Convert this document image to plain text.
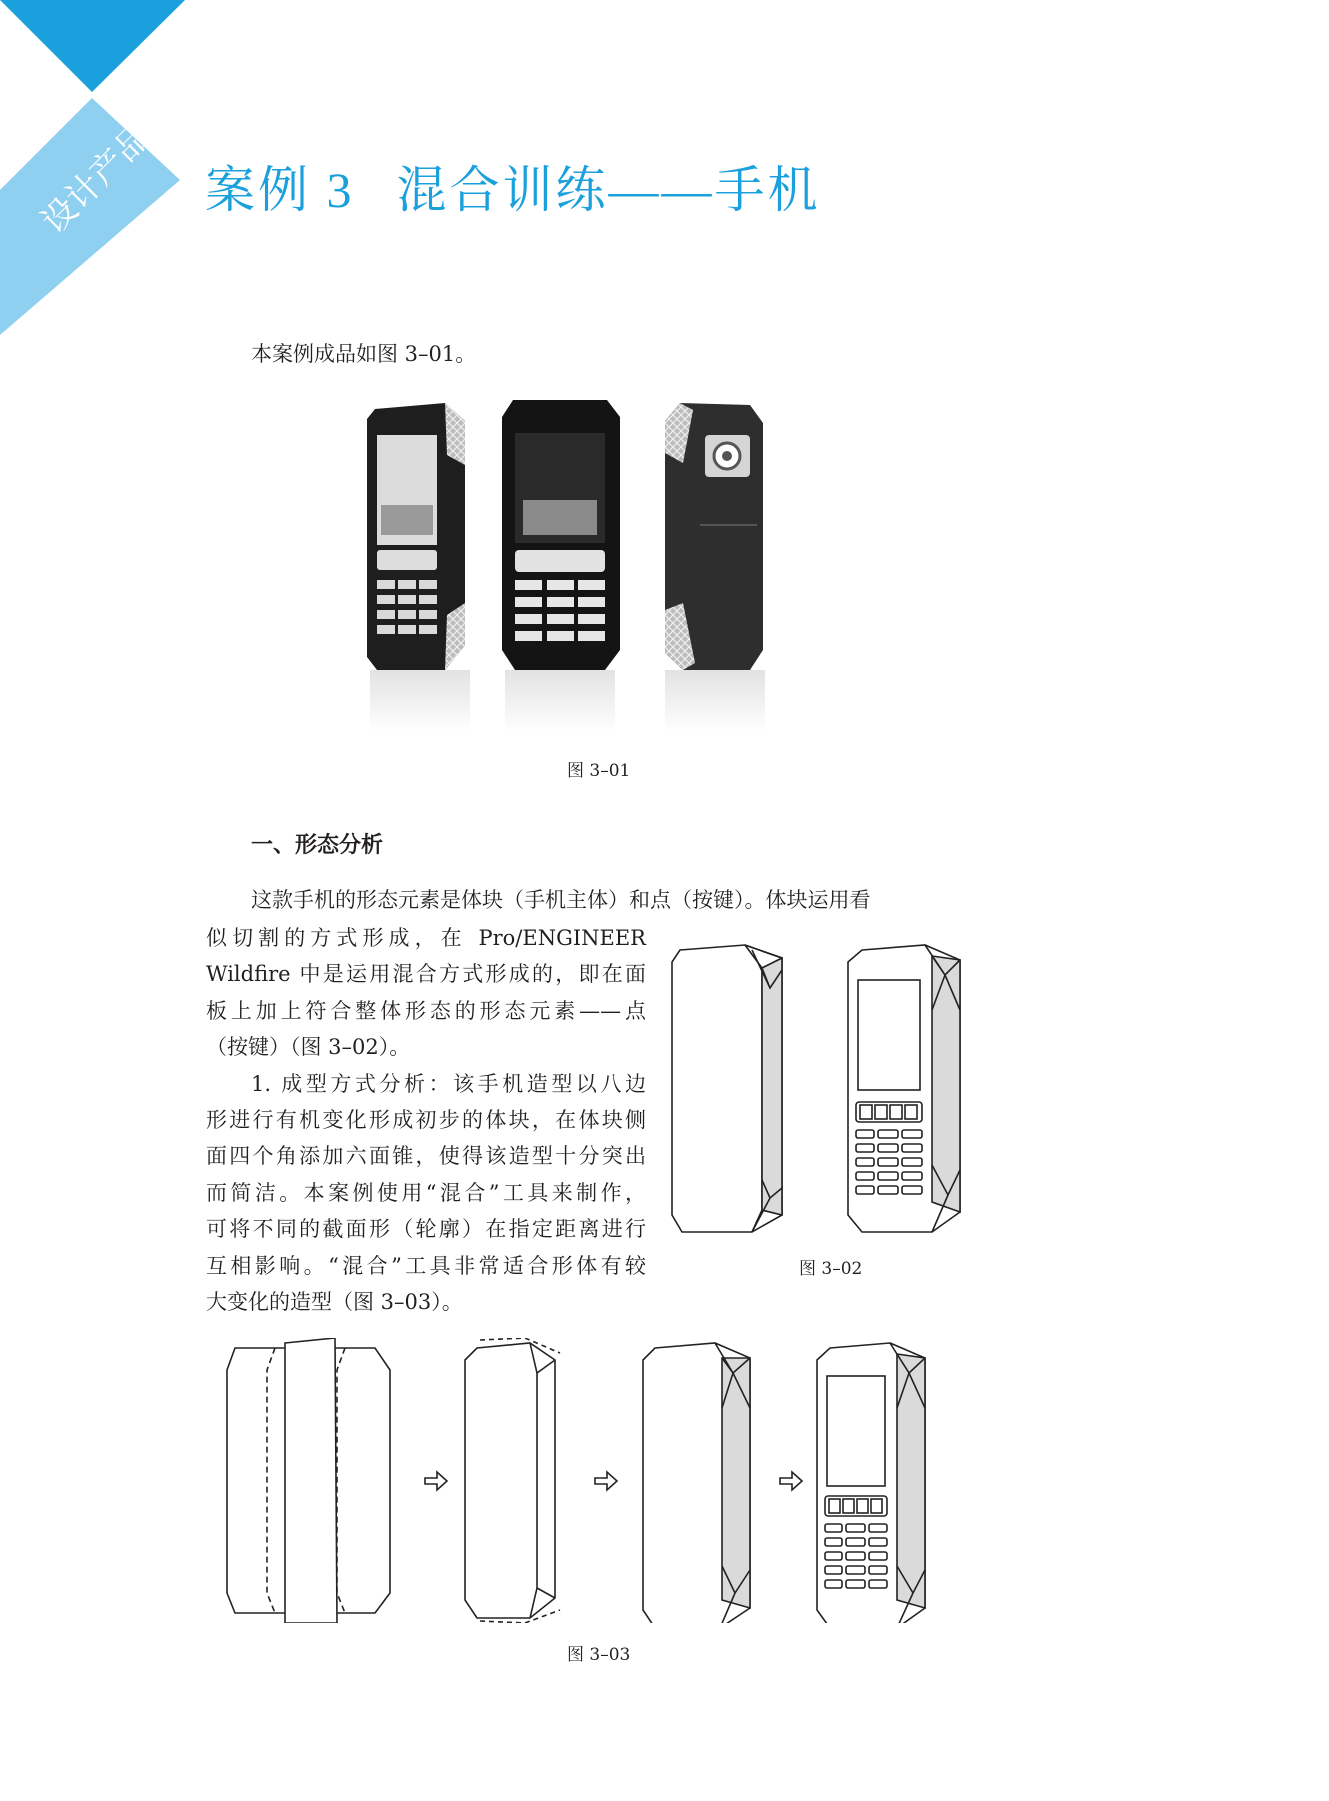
设计产品 案例 3 混合训练——手机

本案例成品如图 3–01。

图 3–01
一、形态分析

这款手机的形态元素是体块（手机主体）和点（按键）。体块运用看

似切割的方式形成，在 Pro/ENGINEER
Wildfire 中是运用混合方式形成的，即在面
板上加上符合整体形态的形态元素——点
（按键）（图 3–02）。
1. 成型方式分析：该手机造型以八边
形进行有机变化形成初步的体块，在体块侧
面四个角添加六面锥，使得该造型十分突出
而简洁。本案例使用“混合”工具来制作，
可将不同的截面形（轮廓）在指定距离进行
互相影响。“混合”工具非常适合形体有较
大变化的造型（图 3–03）。
图 3–02
图 3–03
